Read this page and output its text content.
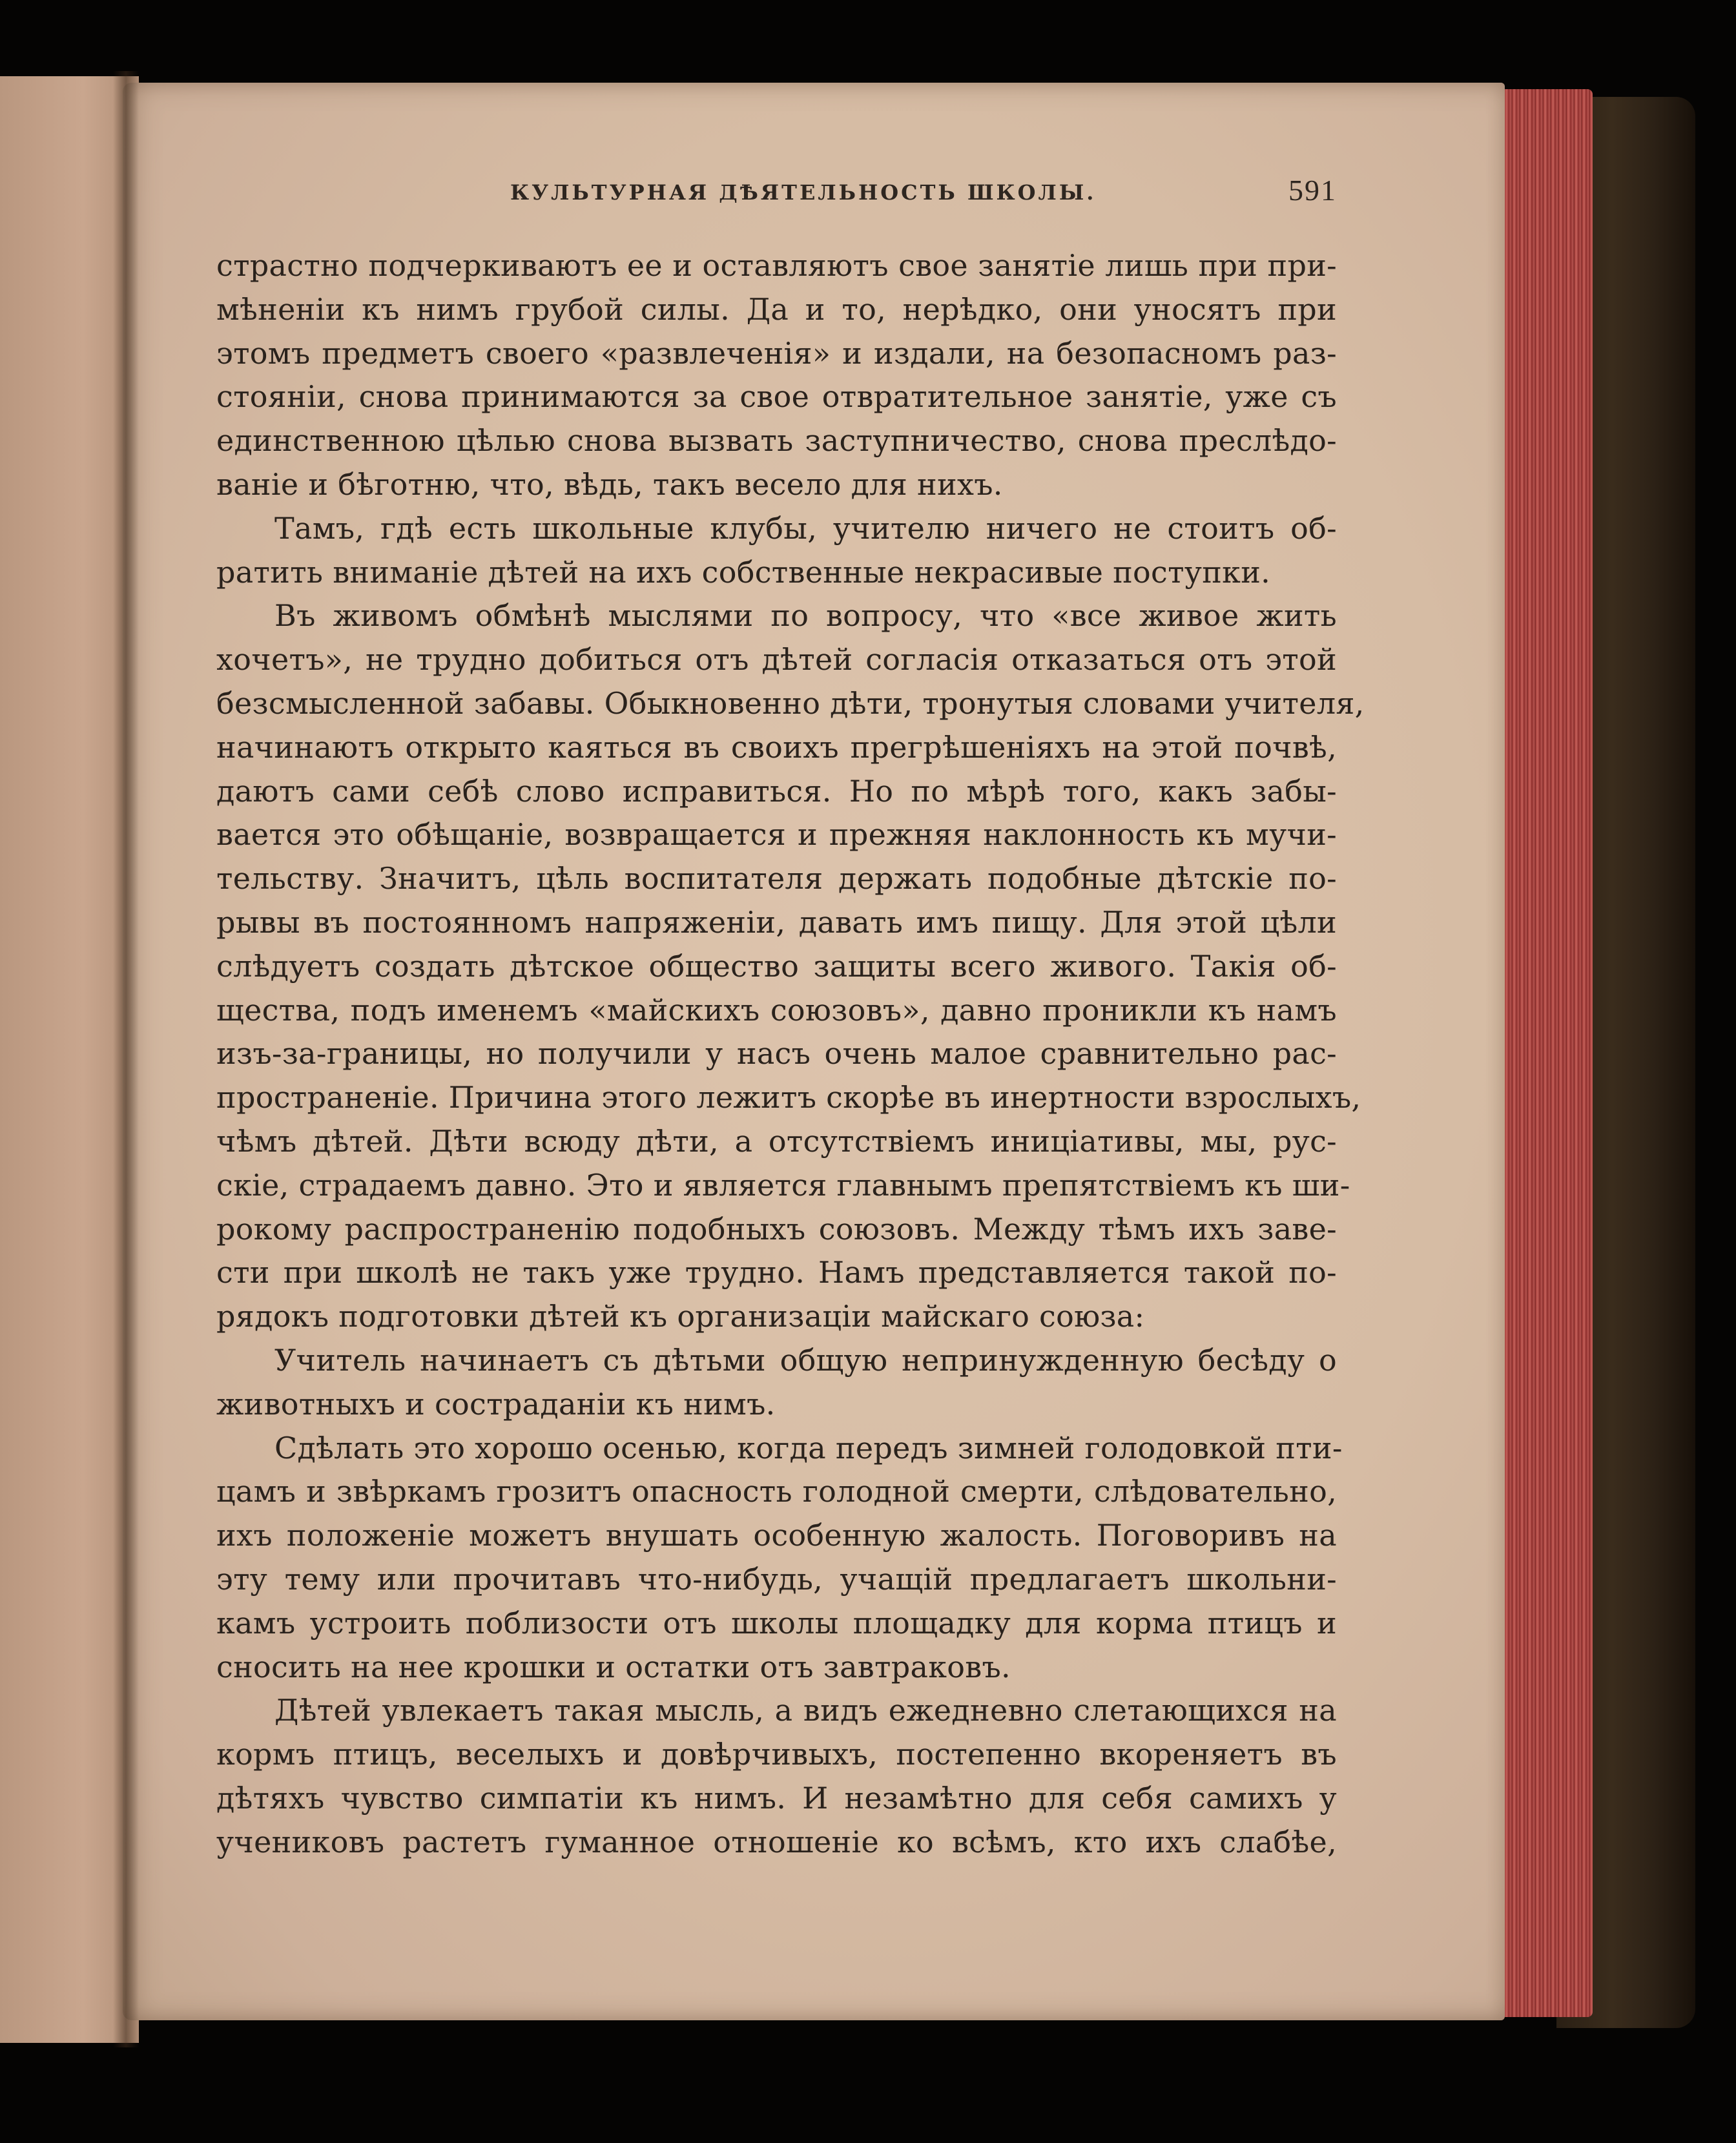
КУЛЬТУРНАЯ ДѢЯТЕЛЬНОСТЬ ШКОЛЫ.	591
страстно подчеркиваютъ ее и оставляютъ свое занятіе лишь при при-
мѣненіи къ нимъ грубой силы. Да и то, нерѣдко, они уносятъ при
этомъ предметъ своего «развлеченія» и издали, на безопасномъ раз-
стояніи, снова принимаются за свое отвратительное занятіе, уже съ
единственною цѣлью снова вызвать заступничество, снова преслѣдо-
ваніе и бѣготню, что, вѣдь, такъ весело для нихъ.
Тамъ, гдѣ есть школьные клубы, учителю ничего не стоитъ об-
ратить вниманіе дѣтей на ихъ собственные некрасивые поступки.
Въ живомъ обмѣнѣ мыслями по вопросу, что «все живое жить
хочетъ», не трудно добиться отъ дѣтей согласія отказаться отъ этой
безсмысленной забавы. Обыкновенно дѣти, тронутыя словами учителя,
начинаютъ открыто каяться въ своихъ прегрѣшеніяхъ на этой почвѣ,
даютъ сами себѣ слово исправиться. Но по мѣрѣ того, какъ забы-
вается это обѣщаніе, возвращается и прежняя наклонность къ мучи-
тельству. Значитъ, цѣль воспитателя держать подобные дѣтскіе по-
рывы въ постоянномъ напряженіи, давать имъ пищу. Для этой цѣли
слѣдуетъ создать дѣтское общество защиты всего живого. Такія об-
щества, подъ именемъ «майскихъ союзовъ», давно проникли къ намъ
изъ-за-границы, но получили у насъ очень малое сравнительно рас-
пространеніе. Причина этого лежитъ скорѣе въ инертности взрослыхъ,
чѣмъ дѣтей. Дѣти всюду дѣти, а отсутствіемъ иниціативы, мы, рус-
скіе, страдаемъ давно. Это и является главнымъ препятствіемъ къ ши-
рокому распространенію подобныхъ союзовъ. Между тѣмъ ихъ заве-
сти при школѣ не такъ уже трудно. Намъ представляется такой по-
рядокъ подготовки дѣтей къ организаціи майскаго союза:
Учитель начинаетъ съ дѣтьми общую непринужденную бесѣду о
животныхъ и состраданіи къ нимъ.
Сдѣлать это хорошо осенью, когда передъ зимней голодовкой пти-
цамъ и звѣркамъ грозитъ опасность голодной смерти, слѣдовательно,
ихъ положеніе можетъ внушать особенную жалость. Поговоривъ на
эту тему или прочитавъ что-нибудь, учащій предлагаетъ школьни-
камъ устроить поблизости отъ школы площадку для корма птицъ и
сносить на нее крошки и остатки отъ завтраковъ.
Дѣтей увлекаетъ такая мысль, а видъ ежедневно слетающихся на
кормъ птицъ, веселыхъ и довѣрчивыхъ, постепенно вкореняетъ въ
дѣтяхъ чувство симпатіи къ нимъ. И незамѣтно для себя самихъ у
учениковъ растетъ гуманное отношеніе ко всѣмъ, кто ихъ слабѣе,
